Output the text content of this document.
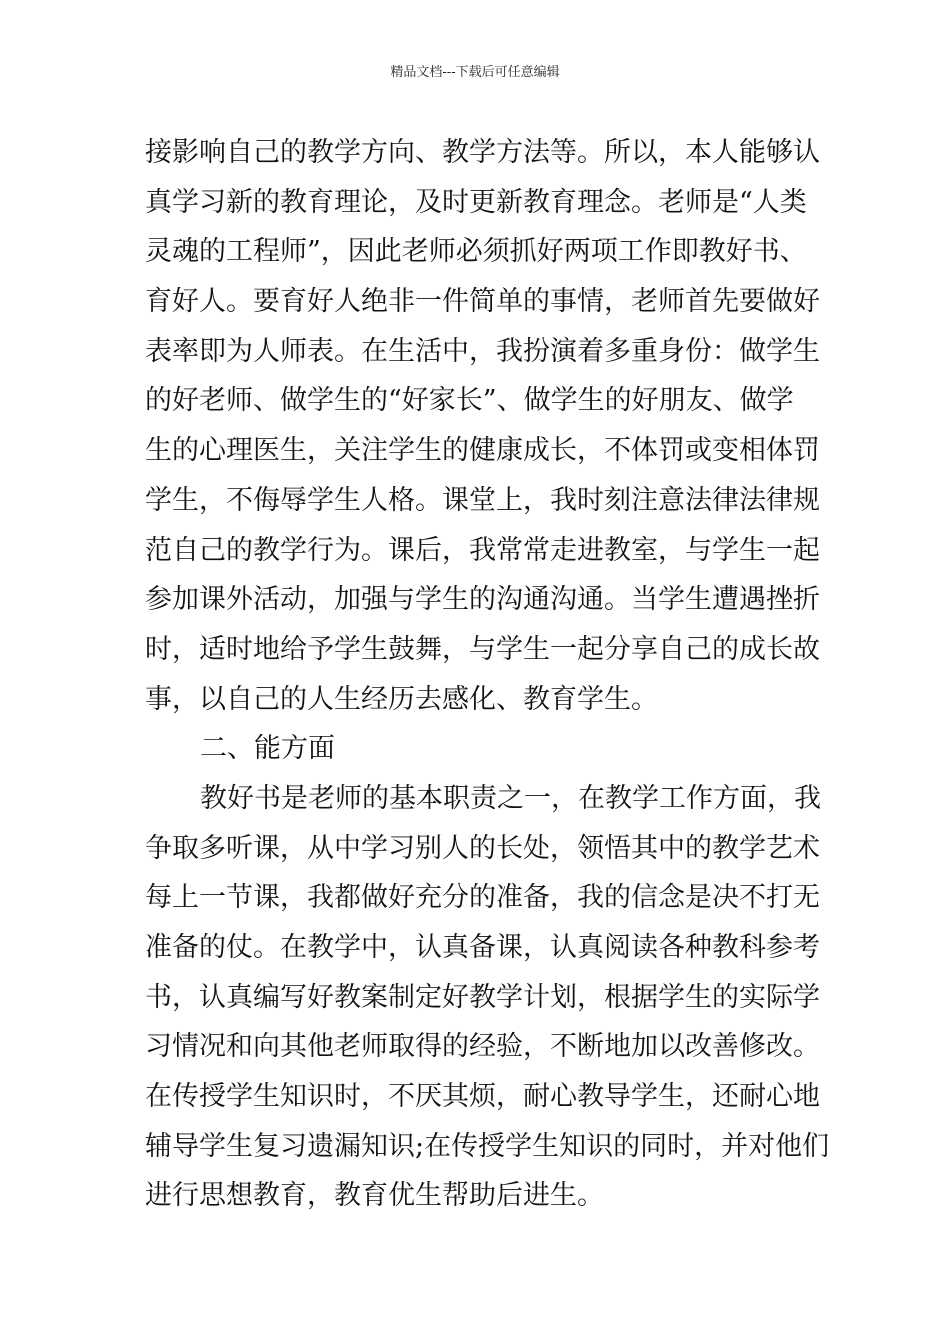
精品文档---下载后可任意编辑
接影响自己的教学方向、教学方法等。所以，本人能够认
真学习新的教育理论，及时更新教育理念。老师是“人类
灵魂的工程师”，因此老师必须抓好两项工作即教好书、
育好人。要育好人绝非一件简单的事情，老师首先要做好
表率即为人师表。在生活中，我扮演着多重身份：做学生
的好老师、做学生的“好家长”、做学生的好朋友、做学
生的心理医生，关注学生的健康成长，不体罚或变相体罚
学生，不侮辱学生人格。课堂上，我时刻注意法律法律规
范自己的教学行为。课后，我常常走进教室，与学生一起
参加课外活动，加强与学生的沟通沟通。当学生遭遇挫折
时，适时地给予学生鼓舞，与学生一起分享自己的成长故
事，以自己的人生经历去感化、教育学生。
二、能方面
教好书是老师的基本职责之一，在教学工作方面，我
争取多听课，从中学习别人的长处，领悟其中的教学艺术
每上一节课，我都做好充分的准备，我的信念是决不打无
准备的仗。在教学中，认真备课，认真阅读各种教科参考
书，认真编写好教案制定好教学计划，根据学生的实际学
习情况和向其他老师取得的经验，不断地加以改善修改。
在传授学生知识时，不厌其烦，耐心教导学生，还耐心地
辅导学生复习遗漏知识;在传授学生知识的同时，并对他们
进行思想教育，教育优生帮助后进生。
